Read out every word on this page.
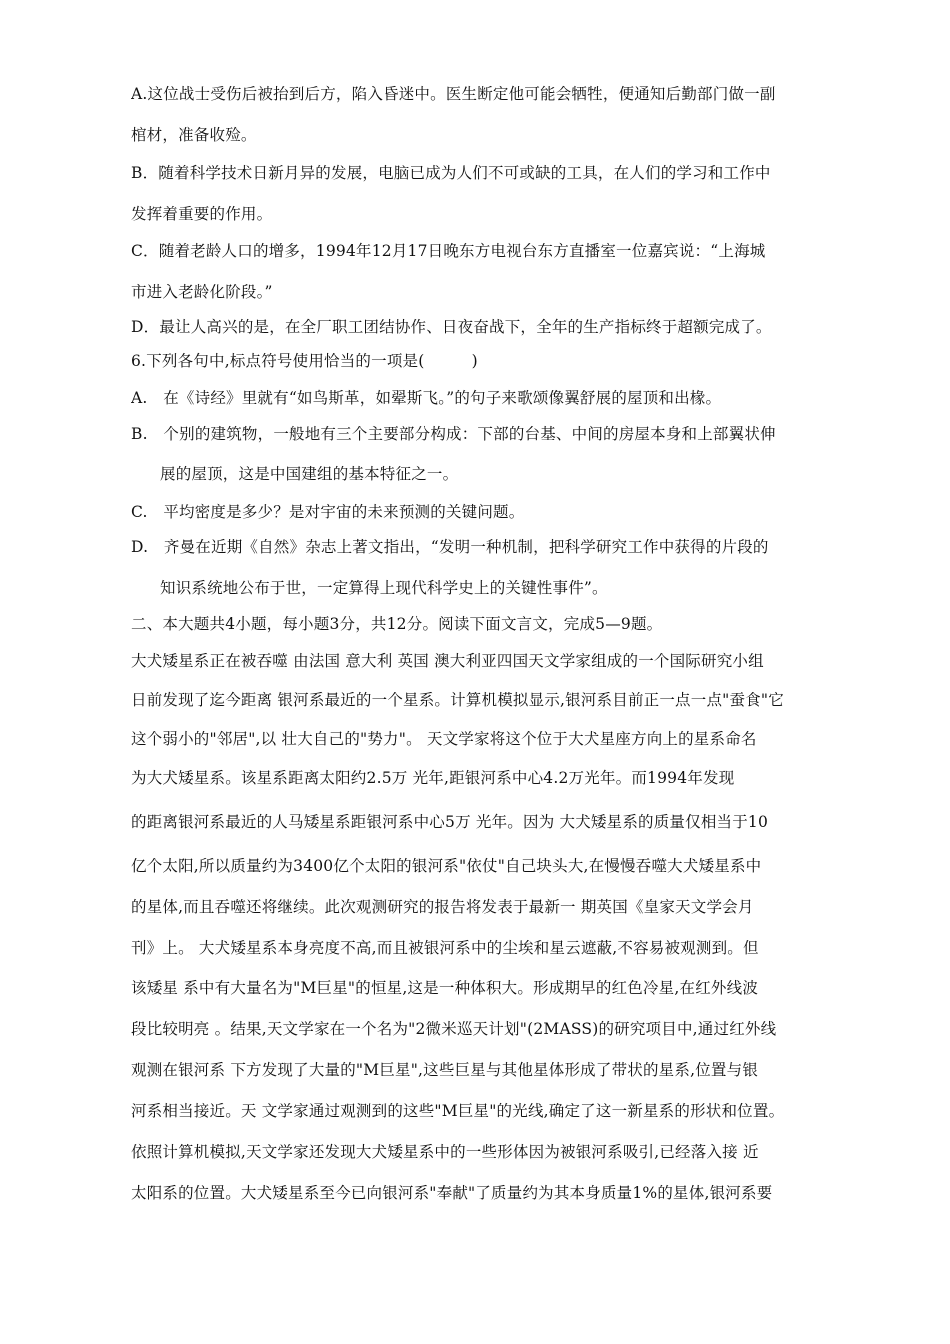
A.这位战士受伤后被抬到后方，陷入昏迷中。医生断定他可能会牺牲，便通知后勤部门做一副
棺材，准备收殓。
B．随着科学技术日新月异的发展，电脑已成为人们不可或缺的工具，在人们的学习和工作中
发挥着重要的作用。
C．随着老龄人口的增多，1994年12月17日晚东方电视台东方直播室一位嘉宾说：“上海城
市进入老龄化阶段。”
D．最让人高兴的是，在全厂职工团结协作、日夜奋战下，全年的生产指标终于超额完成了。
6.下列各句中,标点符号使用恰当的一项是(　　　)
A.　在《诗经》里就有“如鸟斯革，如翚斯飞。”的句子来歌颂像翼舒展的屋顶和出椽。
B.　个别的建筑物，一般地有三个主要部分构成：下部的台基、中间的房屋本身和上部翼状伸
展的屋顶，这是中国建组的基本特征之一。
C.　平均密度是多少？是对宇宙的未来预测的关键问题。
D.　齐曼在近期《自然》杂志上著文指出，“发明一种机制，把科学研究工作中获得的片段的
知识系统地公布于世，一定算得上现代科学史上的关键性事件”。
二、本大题共4小题，每小题3分，共12分。阅读下面文言文，完成5—9题。
大犬矮星系正在被吞噬 由法国 意大利 英国 澳大利亚四国天文学家组成的一个国际研究小组
日前发现了迄今距离 银河系最近的一个星系。计算机模拟显示,银河系目前正一点一点"蚕食"它
这个弱小的"邻居",以 壮大自己的"势力"。 天文学家将这个位于大犬星座方向上的星系命名
为大犬矮星系。该星系距离太阳约2.5万 光年,距银河系中心4.2万光年。而1994年发现
的距离银河系最近的人马矮星系距银河系中心5万 光年。因为 大犬矮星系的质量仅相当于10
亿个太阳,所以质量约为3400亿个太阳的银河系"依仗"自己块头大,在慢慢吞噬大犬矮星系中
的星体,而且吞噬还将继续。此次观测研究的报告将发表于最新一 期英国《皇家天文学会月
刊》上。 大犬矮星系本身亮度不高,而且被银河系中的尘埃和星云遮蔽,不容易被观测到。但
该矮星 系中有大量名为"M巨星"的恒星,这是一种体积大。形成期早的红色冷星,在红外线波
段比较明亮 。结果,天文学家在一个名为"2微米巡天计划"(2MASS)的研究项目中,通过红外线
观测在银河系 下方发现了大量的"M巨星",这些巨星与其他星体形成了带状的星系,位置与银
河系相当接近。天 文学家通过观测到的这些"M巨星"的光线,确定了这一新星系的形状和位置。
依照计算机模拟,天文学家还发现大犬矮星系中的一些形体因为被银河系吸引,已经落入接 近
太阳系的位置。大犬矮星系至今已向银河系"奉献"了质量约为其本身质量1%的星体,银河系要
